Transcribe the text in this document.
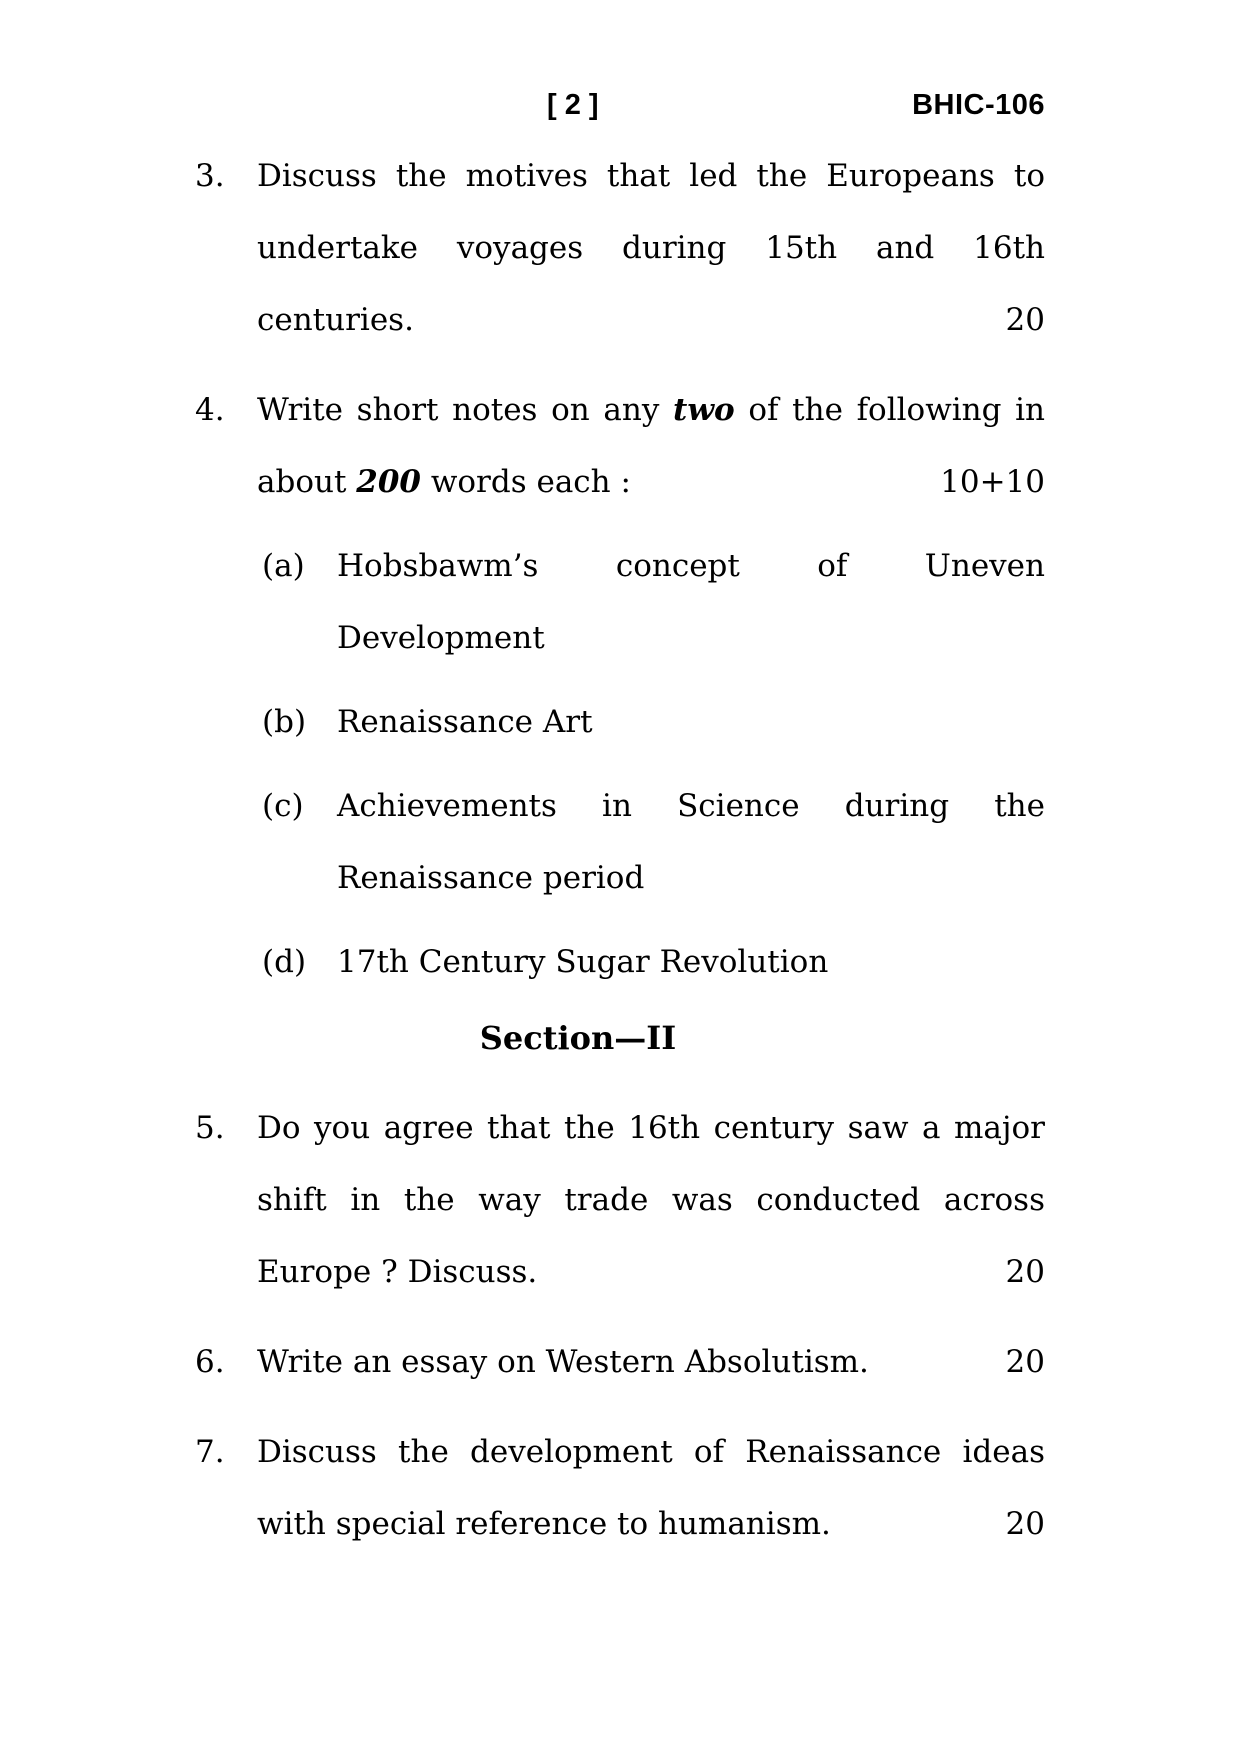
[ 2 ]	BHIC-106
3.	Discuss the motives that led the Europeans to
undertake voyages during 15th and 16th
centuries.	20
4.	Write short notes on any two of the following in
about 200 words each :	10+10
(a)	Hobsbawm’s concept of Uneven
Development
(b) Renaissance Art
(c)	Achievements in Science during the
Renaissance period
(d) 17th Century Sugar Revolution
Section—II
5.	Do you agree that the 16th century saw a major
shift in the way trade was conducted across
Europe ? Discuss.	20
6.	Write an essay on Western Absolutism.	20
7.	Discuss the development of Renaissance ideas
with special reference to humanism.	20
